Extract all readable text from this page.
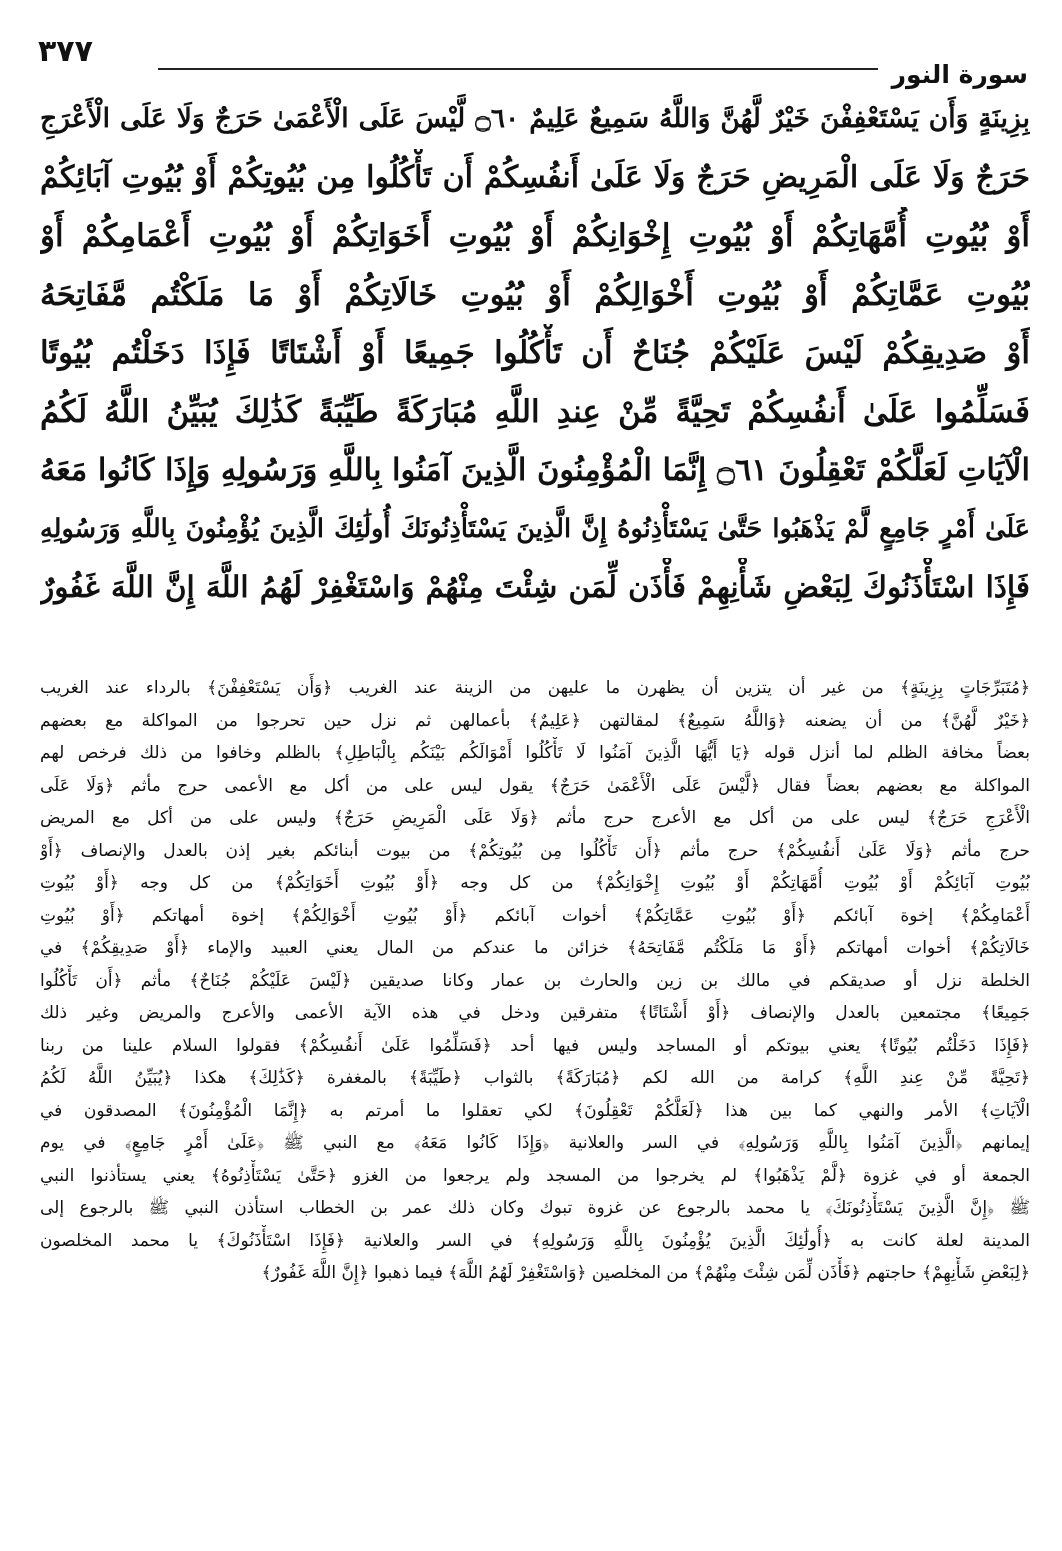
٣٧٧
سورة النور
بِزِينَةٍ وَأَن يَسْتَعْفِفْنَ خَيْرٌ لَّهُنَّ وَاللَّهُ سَمِيعٌ عَلِيمٌ ۝٦٠ لَّيْسَ عَلَى الْأَعْمَىٰ حَرَجٌ وَلَا عَلَى الْأَعْرَجِ
حَرَجٌ وَلَا عَلَى الْمَرِيضِ حَرَجٌ وَلَا عَلَىٰ أَنفُسِكُمْ أَن تَأْكُلُوا مِن بُيُوتِكُمْ أَوْ بُيُوتِ آبَائِكُمْ
أَوْ بُيُوتِ أُمَّهَاتِكُمْ أَوْ بُيُوتِ إِخْوَانِكُمْ أَوْ بُيُوتِ أَخَوَاتِكُمْ أَوْ بُيُوتِ أَعْمَامِكُمْ أَوْ
بُيُوتِ عَمَّاتِكُمْ أَوْ بُيُوتِ أَخْوَالِكُمْ أَوْ بُيُوتِ خَالَاتِكُمْ أَوْ مَا مَلَكْتُم مَّفَاتِحَهُ
أَوْ صَدِيقِكُمْ لَيْسَ عَلَيْكُمْ جُنَاحٌ أَن تَأْكُلُوا جَمِيعًا أَوْ أَشْتَاتًا فَإِذَا دَخَلْتُم بُيُوتًا
فَسَلِّمُوا عَلَىٰ أَنفُسِكُمْ تَحِيَّةً مِّنْ عِندِ اللَّهِ مُبَارَكَةً طَيِّبَةً كَذَٰلِكَ يُبَيِّنُ اللَّهُ لَكُمُ
الْآيَاتِ لَعَلَّكُمْ تَعْقِلُونَ ۝٦١ إِنَّمَا الْمُؤْمِنُونَ الَّذِينَ آمَنُوا بِاللَّهِ وَرَسُولِهِ وَإِذَا كَانُوا مَعَهُ
عَلَىٰ أَمْرٍ جَامِعٍ لَّمْ يَذْهَبُوا حَتَّىٰ يَسْتَأْذِنُوهُ إِنَّ الَّذِينَ يَسْتَأْذِنُونَكَ أُولَٰئِكَ الَّذِينَ يُؤْمِنُونَ بِاللَّهِ وَرَسُولِهِ
فَإِذَا اسْتَأْذَنُوكَ لِبَعْضِ شَأْنِهِمْ فَأْذَن لِّمَن شِئْتَ مِنْهُمْ وَاسْتَغْفِرْ لَهُمُ اللَّهَ إِنَّ اللَّهَ غَفُورٌ
﴿مُتَبَرِّجَاتٍ بِزِينَةٍ﴾ من غير أن يتزين أن يظهرن ما عليهن من الزينة عند الغريب ﴿وَأَن يَسْتَعْفِفْنَ﴾ بالرداء عند الغريب
﴿خَيْرٌ لَّهُنَّ﴾ من أن يضعنه ﴿وَاللَّهُ سَمِيعٌ﴾ لمقالتهن ﴿عَلِيمٌ﴾ بأعمالهن ثم نزل حين تحرجوا من المواكلة مع بعضهم
بعضاً مخافة الظلم لما أنزل قوله ﴿يَا أَيُّهَا الَّذِينَ آمَنُوا لَا تَأْكُلُوا أَمْوَالَكُم بَيْنَكُم بِالْبَاطِلِ﴾ بالظلم وخافوا من ذلك فرخص لهم
المواكلة مع بعضهم بعضاً فقال ﴿لَّيْسَ عَلَى الْأَعْمَىٰ حَرَجٌ﴾ يقول ليس على من أكل مع الأعمى حرج مأثم ﴿وَلَا عَلَى
الْأَعْرَجِ حَرَجٌ﴾ ليس على من أكل مع الأعرج حرج مأثم ﴿وَلَا عَلَى الْمَرِيضِ حَرَجٌ﴾ وليس على من أكل مع المريض
حرج مأثم ﴿وَلَا عَلَىٰ أَنفُسِكُمْ﴾ حرج مأثم ﴿أَن تَأْكُلُوا مِن بُيُوتِكُمْ﴾ من بيوت أبنائكم بغير إذن بالعدل والإنصاف ﴿أَوْ
بُيُوتِ آبَائِكُمْ أَوْ بُيُوتِ أُمَّهَاتِكُمْ أَوْ بُيُوتِ إِخْوَانِكُمْ﴾ من كل وجه ﴿أَوْ بُيُوتِ أَخَوَاتِكُمْ﴾ من كل وجه ﴿أَوْ بُيُوتِ
أَعْمَامِكُمْ﴾ إخوة آبائكم ﴿أَوْ بُيُوتِ عَمَّاتِكُمْ﴾ أخوات آبائكم ﴿أَوْ بُيُوتِ أَخْوَالِكُمْ﴾ إخوة أمهاتكم ﴿أَوْ بُيُوتِ
خَالَاتِكُمْ﴾ أخوات أمهاتكم ﴿أَوْ مَا مَلَكْتُم مَّفَاتِحَهُ﴾ خزائن ما عندكم من المال يعني العبيد والإماء ﴿أَوْ صَدِيقِكُمْ﴾ في
الخلطة نزل أو صديقكم في مالك بن زين والحارث بن عمار وكانا صديقين ﴿لَيْسَ عَلَيْكُمْ جُنَاحٌ﴾ مأثم ﴿أَن تَأْكُلُوا
جَمِيعًا﴾ مجتمعين بالعدل والإنصاف ﴿أَوْ أَشْتَاتًا﴾ متفرقين ودخل في هذه الآية الأعمى والأعرج والمريض وغير ذلك
﴿فَإِذَا دَخَلْتُم بُيُوتًا﴾ يعني بيوتكم أو المساجد وليس فيها أحد ﴿فَسَلِّمُوا عَلَىٰ أَنفُسِكُمْ﴾ فقولوا السلام علينا من ربنا
﴿تَحِيَّةً مِّنْ عِندِ اللَّهِ﴾ كرامة من الله لكم ﴿مُبَارَكَةً﴾ بالثواب ﴿طَيِّبَةً﴾ بالمغفرة ﴿كَذَٰلِكَ﴾ هكذا ﴿يُبَيِّنُ اللَّهُ لَكُمُ
الْآيَاتِ﴾ الأمر والنهي كما بين هذا ﴿لَعَلَّكُمْ تَعْقِلُونَ﴾ لكي تعقلوا ما أمرتم به ﴿إِنَّمَا الْمُؤْمِنُونَ﴾ المصدقون في
إيمانهم ﴿الَّذِينَ آمَنُوا بِاللَّهِ وَرَسُولِهِ﴾ في السر والعلانية ﴿وَإِذَا كَانُوا مَعَهُ﴾ مع النبي ﷺ ﴿عَلَىٰ أَمْرٍ جَامِعٍ﴾ في يوم
الجمعة أو في غزوة ﴿لَّمْ يَذْهَبُوا﴾ لم يخرجوا من المسجد ولم يرجعوا من الغزو ﴿حَتَّىٰ يَسْتَأْذِنُوهُ﴾ يعني يستأذنوا النبي
ﷺ ﴿إِنَّ الَّذِينَ يَسْتَأْذِنُونَكَ﴾ يا محمد بالرجوع عن غزوة تبوك وكان ذلك عمر بن الخطاب استأذن النبي ﷺ بالرجوع إلى
المدينة لعلة كانت به ﴿أُولَٰئِكَ الَّذِينَ يُؤْمِنُونَ بِاللَّهِ وَرَسُولِهِ﴾ في السر والعلانية ﴿فَإِذَا اسْتَأْذَنُوكَ﴾ يا محمد المخلصون
﴿لِبَعْضِ شَأْنِهِمْ﴾ حاجتهم ﴿فَأْذَن لِّمَن شِئْتَ مِنْهُمْ﴾ من المخلصين ﴿وَاسْتَغْفِرْ لَهُمُ اللَّهَ﴾ فيما ذهبوا ﴿إِنَّ اللَّهَ غَفُورٌ﴾
